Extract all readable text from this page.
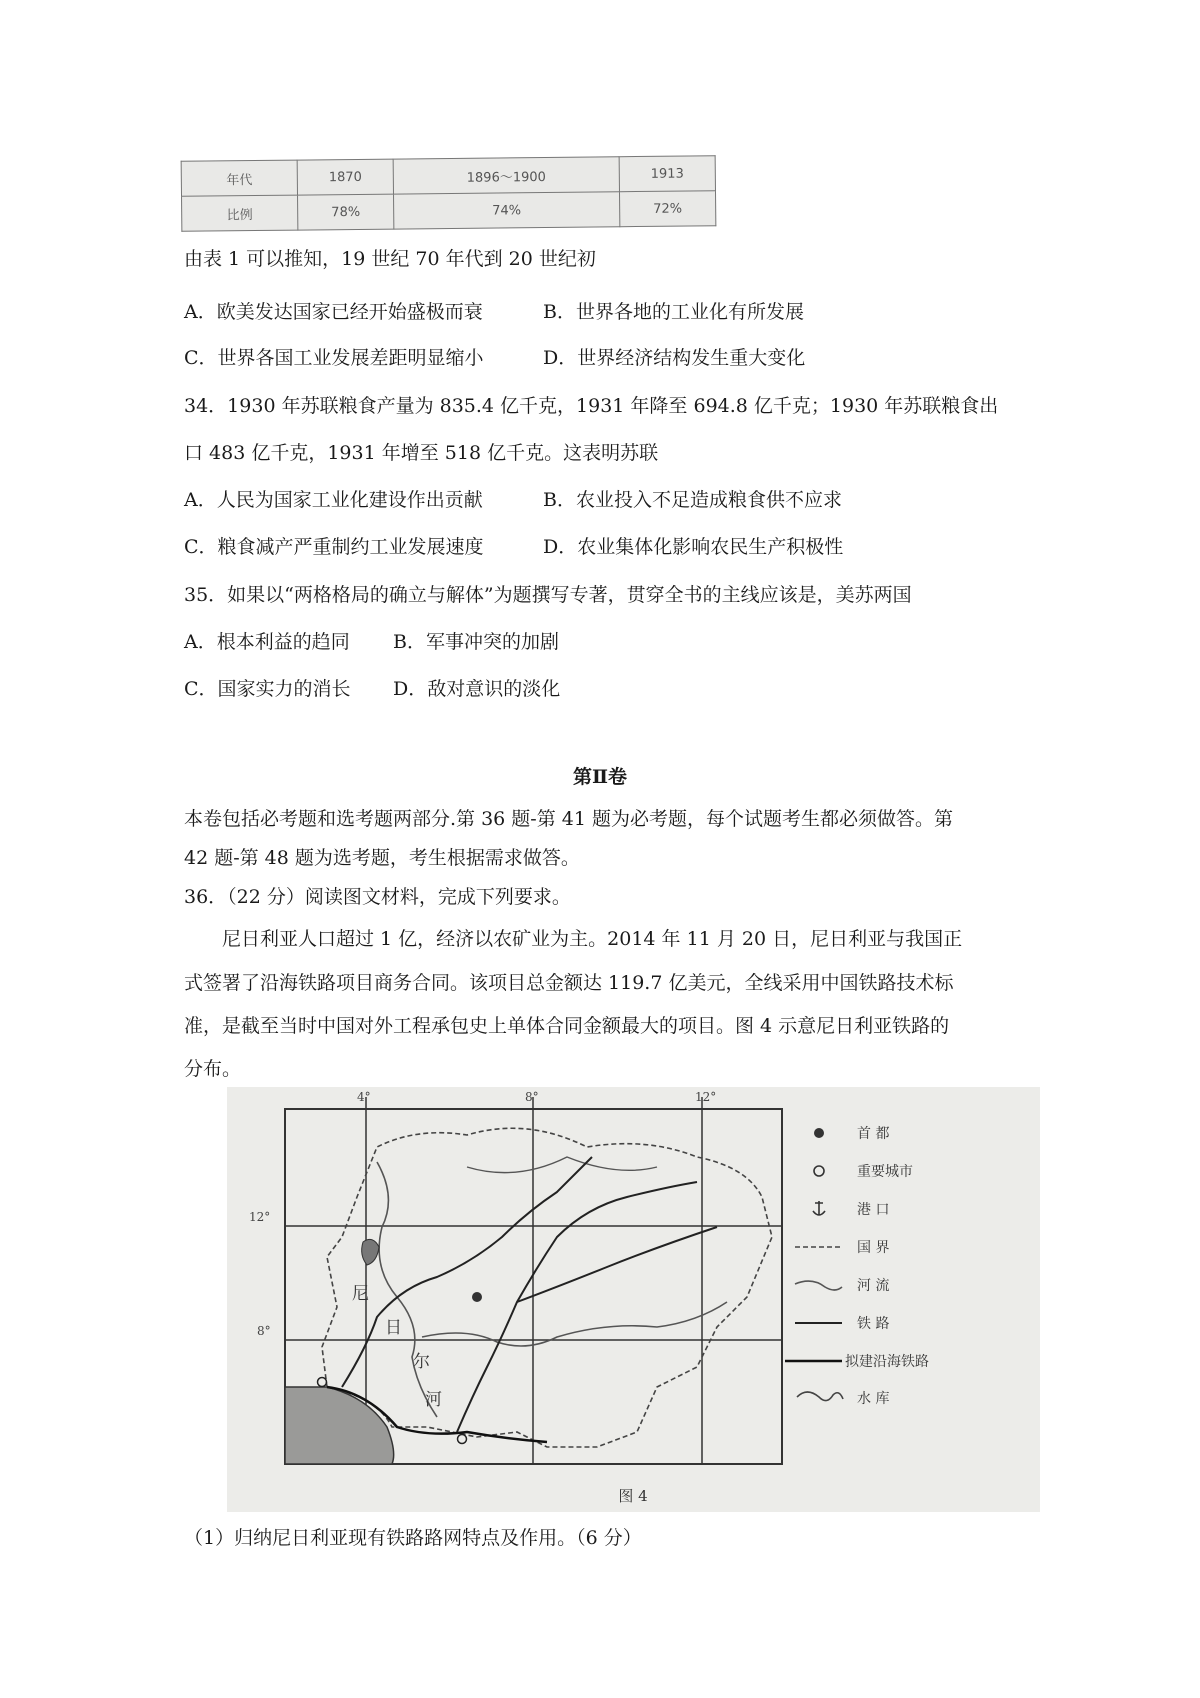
年代	1870	1896～1900	1913
比例	78%	74%	72%
由表 1 可以推知，19 世纪 70 年代到 20 世纪初
A．欧美发达国家已经开始盛极而衰	B．世界各地的工业化有所发展
C．世界各国工业发展差距明显缩小	D．世界经济结构发生重大变化
34．1930 年苏联粮食产量为 835.4 亿千克，1931 年降至 694.8 亿千克；1930 年苏联粮食出
口 483 亿千克，1931 年增至 518 亿千克。这表明苏联
A．人民为国家工业化建设作出贡献	B．农业投入不足造成粮食供不应求
C．粮食减产严重制约工业发展速度	D．农业集体化影响农民生产积极性
35．如果以“两格格局的确立与解体”为题撰写专著，贯穿全书的主线应该是，美苏两国
A．根本利益的趋同 B．军事冲突的加剧
C．国家实力的消长 D．敌对意识的淡化
第Ⅱ卷
本卷包括必考题和选考题两部分.第 36 题-第 41 题为必考题，每个试题考生都必须做答。第
42 题-第 48 题为选考题，考生根据需求做答。
36．（22 分）阅读图文材料，完成下列要求。
尼日利亚人口超过 1 亿，经济以农矿业为主。2014 年 11 月 20 日，尼日利亚与我国正
式签署了沿海铁路项目商务合同。该项目总金额达 119.7 亿美元，全线采用中国铁路技术标
准，是截至当时中国对外工程承包史上单体合同金额最大的项目。图 4 示意尼日利亚铁路的
分布。
4°	8°	12°
12°
8°
尼
日
尔
河
首 都
重要城市
港 口
国 界
河 流
铁 路
拟建沿海铁路
水 库
图 4
（1）归纳尼日利亚现有铁路路网特点及作用。（6 分）
